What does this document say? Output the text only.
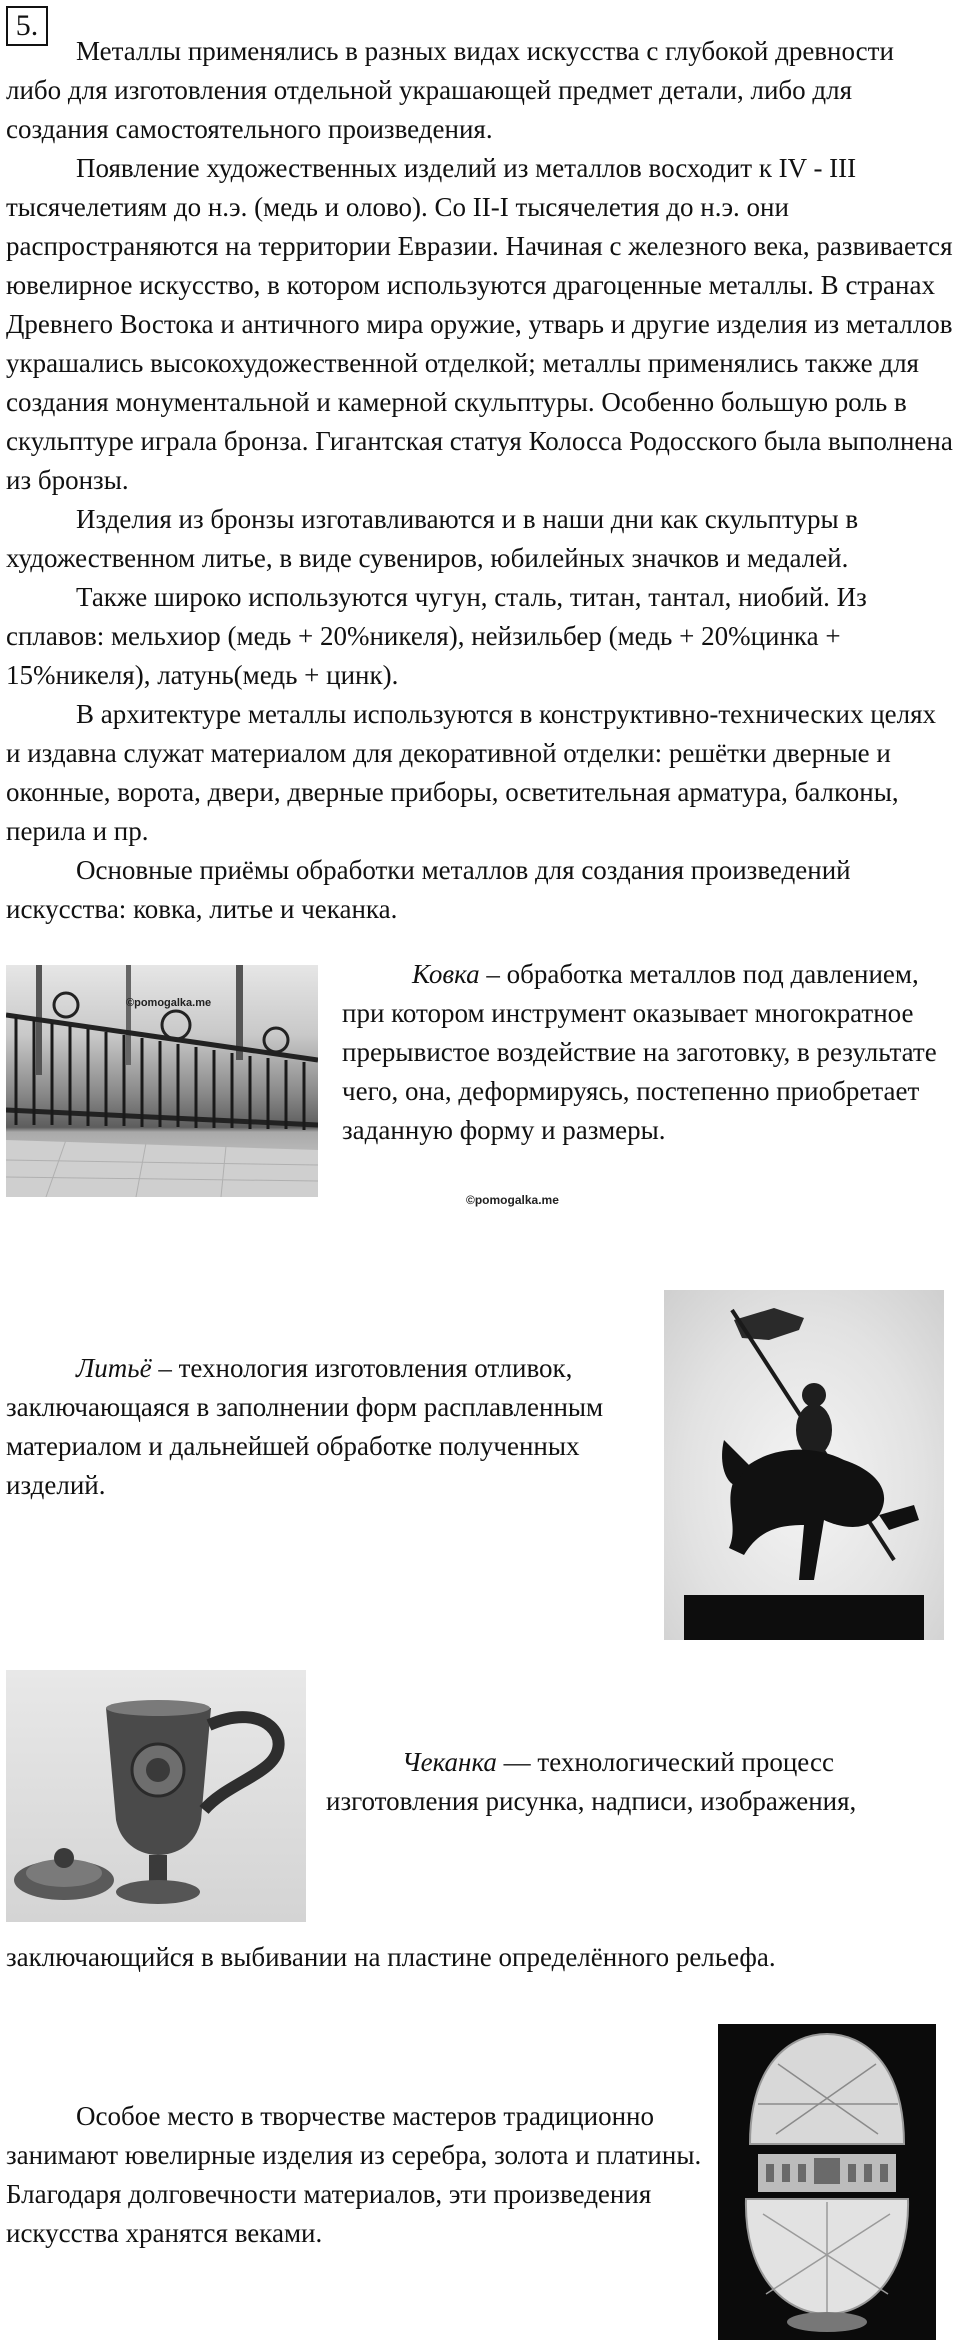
5.

Металлы применялись в разных видах искусства с глубокой древности либо для изготовления отдельной украшающей предмет детали, либо для создания самостоятельного произведения.

Появление художественных изделий из металлов восходит к IV - III тысячелетиям до н.э. (медь и олово). Со II-I тысячелетия до н.э. они распространяются на территории Евразии. Начиная с железного века, развивается ювелирное искусство, в котором используются драгоценные металлы. В странах Древнего Востока и античного мира оружие, утварь и другие изделия из металлов украшались высокохудожественной отделкой; металлы применялись также для создания монументальной и камерной скульптуры. Особенно большую роль в скульптуре играла бронза. Гигантская статуя Колосса Родосского была выполнена из бронзы.

Изделия из бронзы изготавливаются и в наши дни как скульптуры в художественном литье, в виде сувениров, юбилейных значков и медалей.

Также широко используются чугун, сталь, титан, тантал, ниобий. Из сплавов: мельхиор (медь + 20%никеля), нейзильбер (медь + 20%цинка + 15%никеля), латунь(медь + цинк).

В архитектуре металлы используются в конструктивно-технических целях и издавна служат материалом для декоративной отделки: решётки дверные и оконные, ворота, двери, дверные приборы, осветительная арматура, балконы, перила и пр.

Основные приёмы обработки металлов для создания произведений искусства: ковка, литье и чеканка.

©pomogalka.me

Ковка – обработка металлов под давлением, при котором инструмент оказывает многократное прерывистое воздействие на заготовку, в результате чего, она, деформируясь, постепенно приобретает заданную форму и размеры.

©pomogalka.me

Литьё – технология изготовления отливок, заключающаяся в заполнении форм расплавленным материалом и дальнейшей обработке полученных изделий.

Чеканка — технологический процесс изготовления рисунка, надписи, изображения,

заключающийся в выбивании на пластине определённого рельефа.

Особое место в творчестве мастеров традиционно занимают ювелирные изделия из серебра, золота и платины. Благодаря долговечности материалов, эти произведения искусства хранятся веками.
